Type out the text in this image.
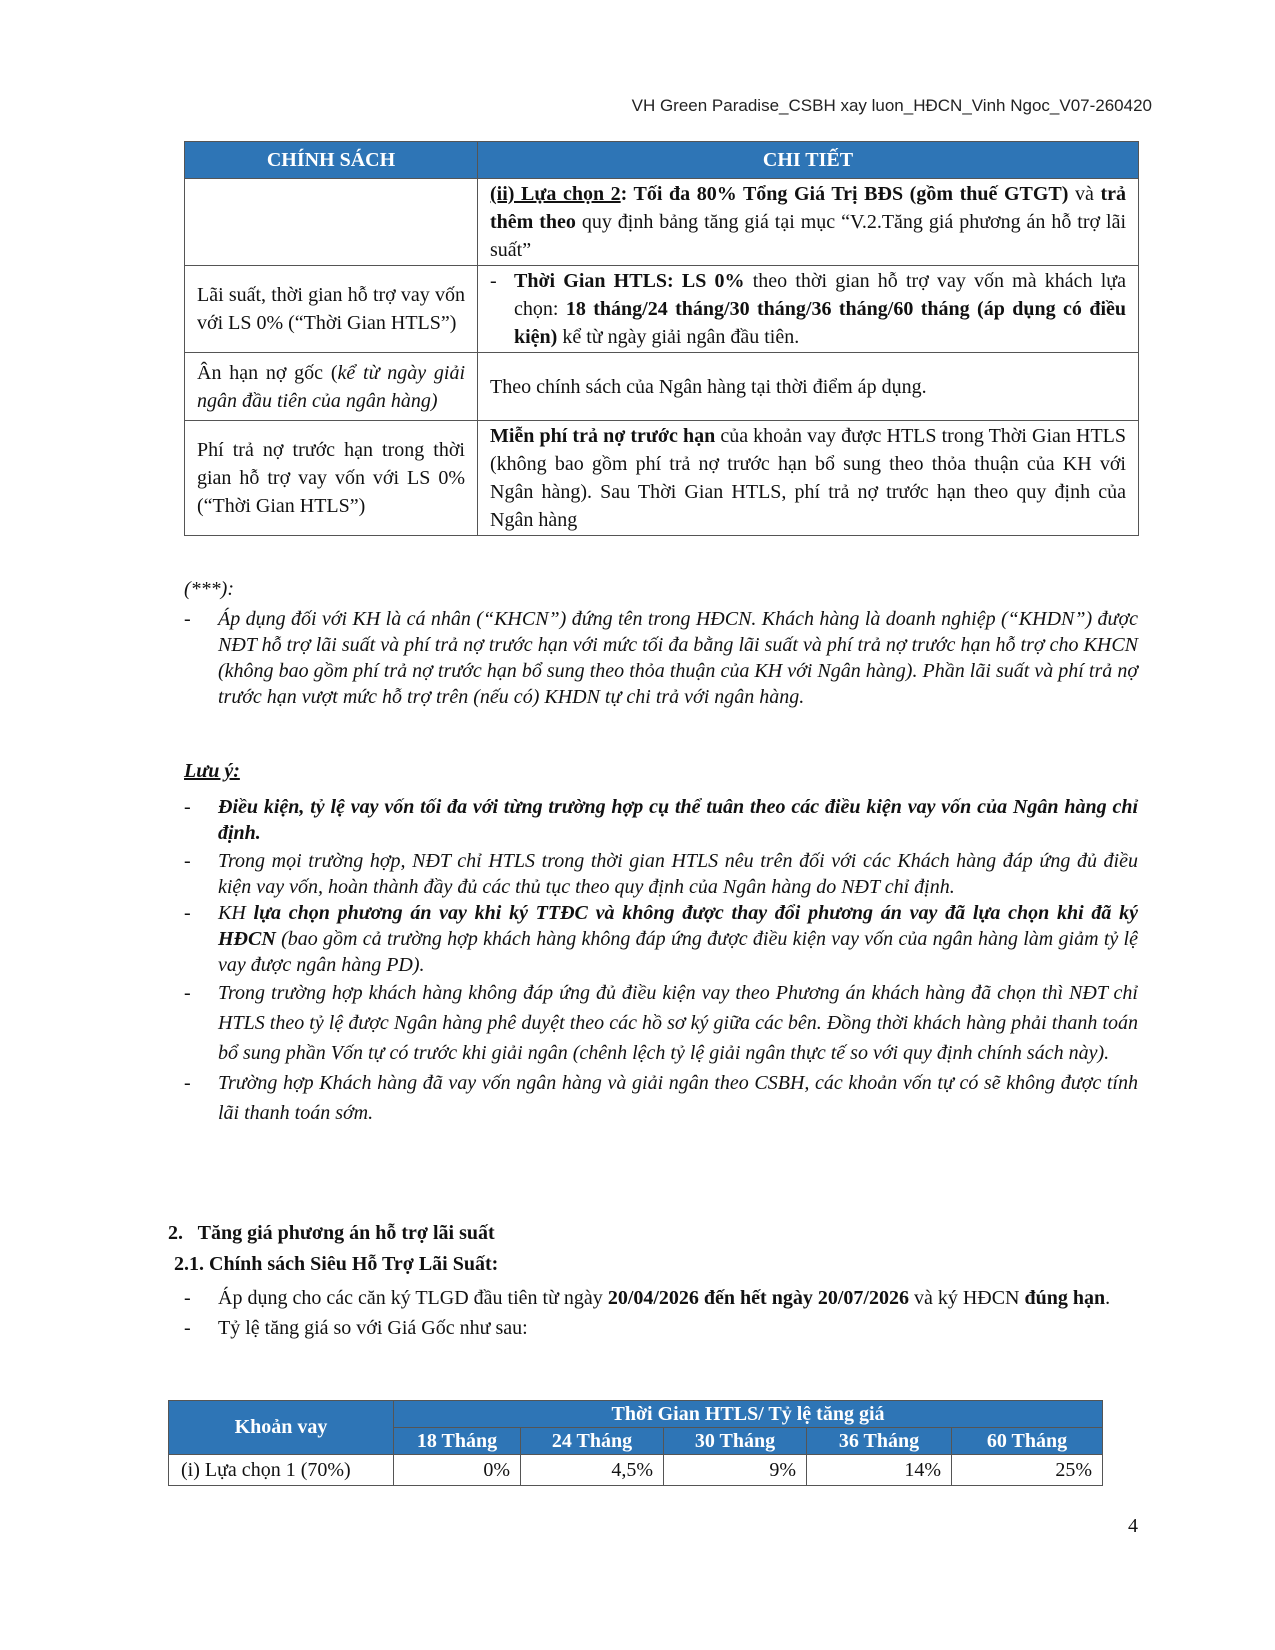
VH Green Paradise_CSBH xay luon_HĐCN_Vinh Ngoc_V07-260420
CHÍNH SÁCH	CHI TIẾT
	(ii) Lựa chọn 2: Tối đa 80% Tổng Giá Trị BĐS (gồm thuế GTGT) và trả thêm theo quy định bảng tăng giá tại mục “V.2.Tăng giá phương án hỗ trợ lãi suất”
Lãi suất, thời gian hỗ trợ vay vốn với LS 0% (“Thời Gian HTLS”)	- Thời Gian HTLS: LS 0% theo thời gian hỗ trợ vay vốn mà khách lựa chọn: 18 tháng/24 tháng/30 tháng/36 tháng/60 tháng (áp dụng có điều kiện) kể từ ngày giải ngân đầu tiên.

Ân hạn nợ gốc (kể từ ngày giải ngân đầu tiên của ngân hàng)	Theo chính sách của Ngân hàng tại thời điểm áp dụng.
Phí trả nợ trước hạn trong thời gian hỗ trợ vay vốn với LS 0% (“Thời Gian HTLS”)	Miễn phí trả nợ trước hạn của khoản vay được HTLS trong Thời Gian HTLS (không bao gồm phí trả nợ trước hạn bổ sung theo thỏa thuận của KH với Ngân hàng). Sau Thời Gian HTLS, phí trả nợ trước hạn theo quy định của Ngân hàng
(***):
-	Áp dụng đối với KH là cá nhân (“KHCN”) đứng tên trong HĐCN. Khách hàng là doanh nghiệp (“KHDN”) được NĐT hỗ trợ lãi suất và phí trả nợ trước hạn với mức tối đa bằng lãi suất và phí trả nợ trước hạn hỗ trợ cho KHCN (không bao gồm phí trả nợ trước hạn bổ sung theo thỏa thuận của KH với Ngân hàng). Phần lãi suất và phí trả nợ trước hạn vượt mức hỗ trợ trên (nếu có) KHDN tự chi trả với ngân hàng.
Lưu ý:
-	Điều kiện, tỷ lệ vay vốn tối đa với từng trường hợp cụ thể tuân theo các điều kiện vay vốn của Ngân hàng chỉ định.
-	Trong mọi trường hợp, NĐT chỉ HTLS trong thời gian HTLS nêu trên đối với các Khách hàng đáp ứng đủ điều kiện vay vốn, hoàn thành đầy đủ các thủ tục theo quy định của Ngân hàng do NĐT chỉ định.
-	KH lựa chọn phương án vay khi ký TTĐC và không được thay đổi phương án vay đã lựa chọn khi đã ký HĐCN (bao gồm cả trường hợp khách hàng không đáp ứng được điều kiện vay vốn của ngân hàng làm giảm tỷ lệ vay được ngân hàng PD).
-	Trong trường hợp khách hàng không đáp ứng đủ điều kiện vay theo Phương án khách hàng đã chọn thì NĐT chỉ HTLS theo tỷ lệ được Ngân hàng phê duyệt theo các hồ sơ ký giữa các bên. Đồng thời khách hàng phải thanh toán bổ sung phần Vốn tự có trước khi giải ngân (chênh lệch tỷ lệ giải ngân thực tế so với quy định chính sách này).
-	Trường hợp Khách hàng đã vay vốn ngân hàng và giải ngân theo CSBH, các khoản vốn tự có sẽ không được tính lãi thanh toán sớm.
2.   Tăng giá phương án hỗ trợ lãi suất
2.1. Chính sách Siêu Hỗ Trợ Lãi Suất:
-	Áp dụng cho các căn ký TLGD đầu tiên từ ngày 20/04/2026 đến hết ngày 20/07/2026 và ký HĐCN đúng hạn.
-	Tỷ lệ tăng giá so với Giá Gốc như sau:
Khoản vay	Thời Gian HTLS/ Tỷ lệ tăng giá				
	18 Tháng	24 Tháng	30 Tháng	36 Tháng	60 Tháng
(i) Lựa chọn 1 (70%)	0%	4,5%	9%	14%	25%
4
